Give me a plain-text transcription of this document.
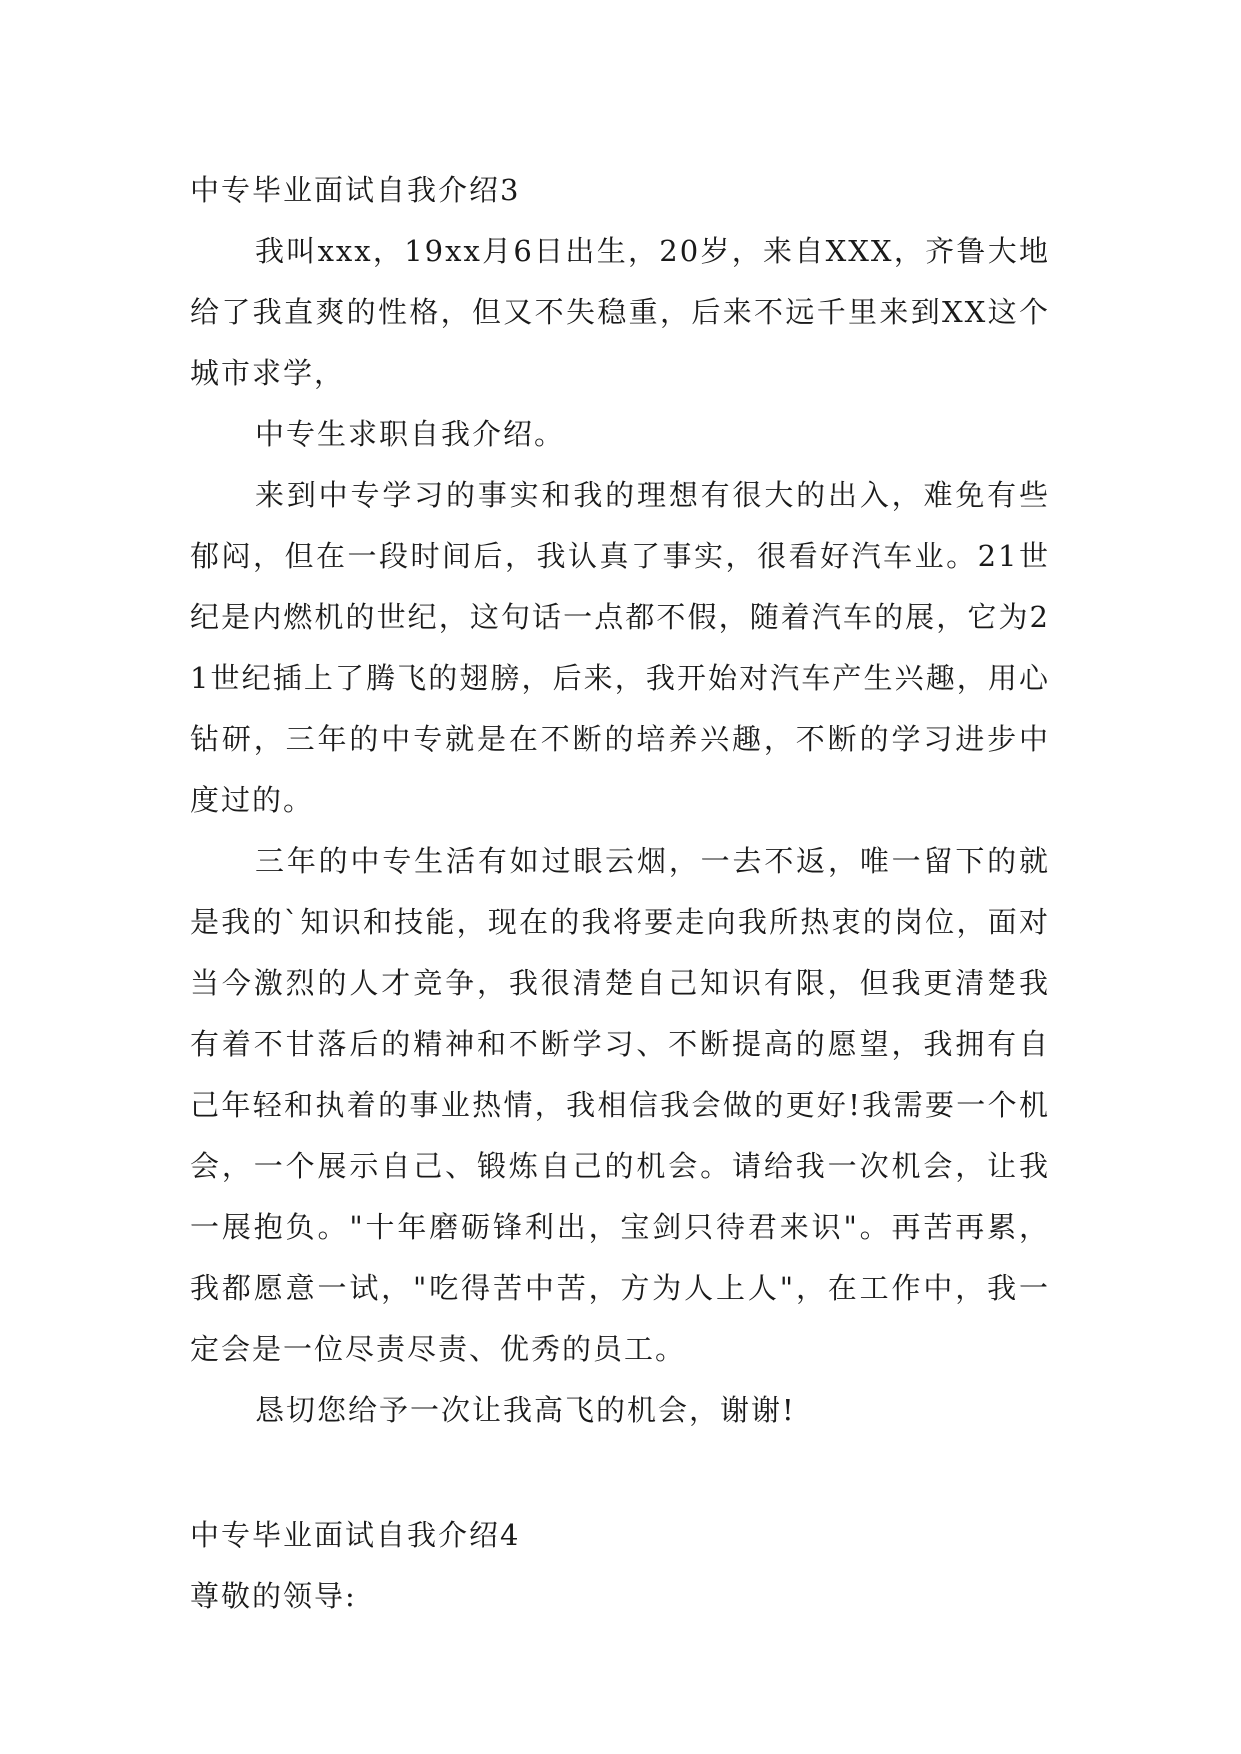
中专毕业面试自我介绍3

我叫xxx，19xx月6日出生，20岁，来自XXX，齐鲁大地给了我直爽的性格，但又不失稳重，后来不远千里来到XX这个城市求学，

中专生求职自我介绍。

来到中专学习的事实和我的理想有很大的出入，难免有些郁闷，但在一段时间后，我认真了事实，很看好汽车业。21世纪是内燃机的世纪，这句话一点都不假，随着汽车的展，它为21世纪插上了腾飞的翅膀，后来，我开始对汽车产生兴趣，用心钻研，三年的中专就是在不断的培养兴趣，不断的学习进步中度过的。

三年的中专生活有如过眼云烟，一去不返，唯一留下的就是我的`知识和技能，现在的我将要走向我所热衷的岗位，面对当今激烈的人才竞争，我很清楚自己知识有限，但我更清楚我有着不甘落后的精神和不断学习、不断提高的愿望，我拥有自己年轻和执着的事业热情，我相信我会做的更好!我需要一个机会，一个展示自己、锻炼自己的机会。请给我一次机会，让我一展抱负。"十年磨砺锋利出，宝剑只待君来识"。再苦再累，我都愿意一试，"吃得苦中苦，方为人上人"，在工作中，我一定会是一位尽责尽责、优秀的员工。

恳切您给予一次让我高飞的机会，谢谢!

中专毕业面试自我介绍4

尊敬的领导:
